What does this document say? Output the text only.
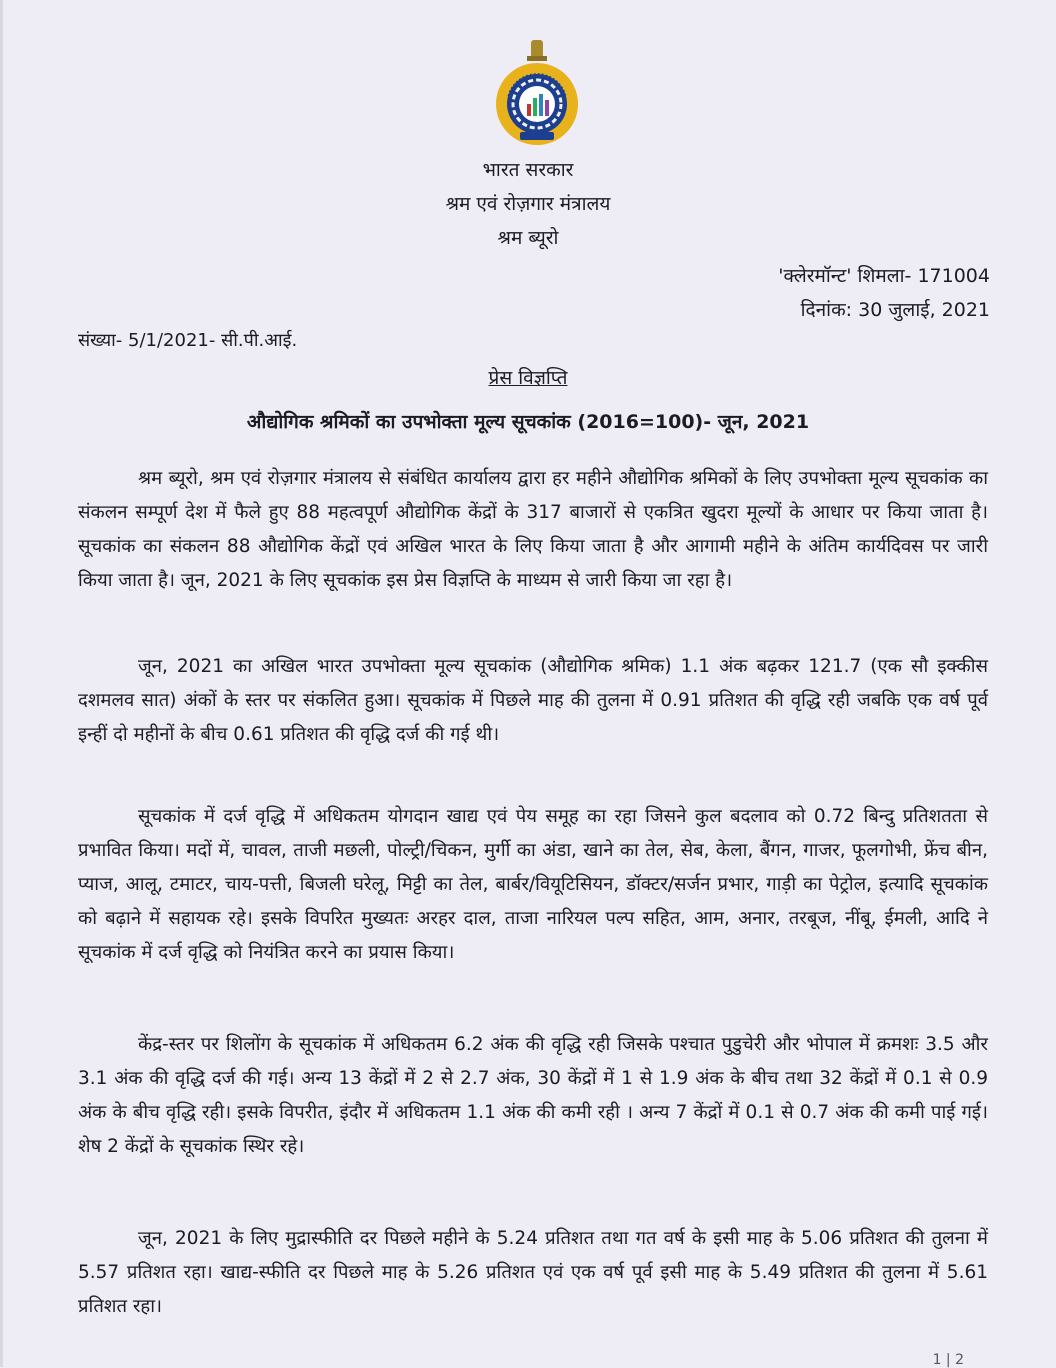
भारत सरकार
श्रम एवं रोज़गार मंत्रालय
श्रम ब्यूरो
'क्लेरमॉन्ट' शिमला- 171004
दिनांक: 30 जुलाई, 2021
संख्या- 5/1/2021- सी.पी.आई.
प्रेस विज्ञप्ति
औद्योगिक श्रमिकों का उपभोक्ता मूल्य सूचकांक (2016=100)- जून, 2021

श्रम ब्यूरो, श्रम एवं रोज़गार मंत्रालय से संबंधित कार्यालय द्वारा हर महीने औद्योगिक श्रमिकों के लिए उपभोक्ता मूल्य सूचकांक का संकलन सम्पूर्ण देश में फैले हुए 88 महत्वपूर्ण औद्योगिक केंद्रों के 317 बाजारों से एकत्रित खुदरा मूल्यों के आधार पर किया जाता है। सूचकांक का संकलन 88 औद्योगिक केंद्रों एवं अखिल भारत के लिए किया जाता है और आगामी महीने के अंतिम कार्यदिवस पर जारी किया जाता है। जून, 2021 के लिए सूचकांक इस प्रेस विज्ञप्ति के माध्यम से जारी किया जा रहा है।

जून, 2021 का अखिल भारत उपभोक्ता मूल्य सूचकांक (औद्योगिक श्रमिक) 1.1 अंक बढ़कर 121.7 (एक सौ इक्कीस दशमलव सात) अंकों के स्तर पर संकलित हुआ। सूचकांक में पिछले माह की तुलना में 0.91 प्रतिशत की वृद्धि रही जबकि एक वर्ष पूर्व इन्हीं दो महीनों के बीच 0.61 प्रतिशत की वृद्धि दर्ज की गई थी।

सूचकांक में दर्ज वृद्धि में अधिकतम योगदान खाद्य एवं पेय समूह का रहा जिसने कुल बदलाव को 0.72 बिन्दु प्रतिशतता से प्रभावित किया। मदों में, चावल, ताजी मछली, पोल्ट्री/चिकन, मुर्गी का अंडा, खाने का तेल, सेब, केला, बैंगन, गाजर, फूलगोभी, फ्रेंच बीन, प्याज, आलू, टमाटर, चाय-पत्ती, बिजली घरेलू, मिट्टी का तेल, बार्बर/वियूटिसियन, डॉक्टर/सर्जन प्रभार, गाड़ी का पेट्रोल, इत्यादि सूचकांक को बढ़ाने में सहायक रहे। इसके विपरित मुख्यतः अरहर दाल, ताजा नारियल पल्प सहित, आम, अनार, तरबूज, नींबू, ईमली, आदि ने सूचकांक में दर्ज वृद्धि को नियंत्रित करने का प्रयास किया।

केंद्र-स्तर पर शिलोंग के सूचकांक में अधिकतम 6.2 अंक की वृद्धि रही जिसके पश्चात पुडुचेरी और भोपाल में क्रमशः 3.5 और 3.1 अंक की वृद्धि दर्ज की गई। अन्य 13 केंद्रों में 2 से 2.7 अंक, 30 केंद्रों में 1 से 1.9 अंक के बीच तथा 32 केंद्रों में 0.1 से 0.9 अंक के बीच वृद्धि रही। इसके विपरीत, इंदौर में अधिकतम 1.1 अंक की कमी रही । अन्य 7 केंद्रों में 0.1 से 0.7 अंक की कमी पाई गई। शेष 2 केंद्रों के सूचकांक स्थिर रहे।

जून, 2021 के लिए मुद्रास्फीति दर पिछले महीने के 5.24 प्रतिशत तथा गत वर्ष के इसी माह के 5.06 प्रतिशत की तुलना में 5.57 प्रतिशत रहा। खाद्य-स्फीति दर पिछले माह के 5.26 प्रतिशत एवं एक वर्ष पूर्व इसी माह के 5.49 प्रतिशत की तुलना में 5.61 प्रतिशत रहा।

1 | 2
